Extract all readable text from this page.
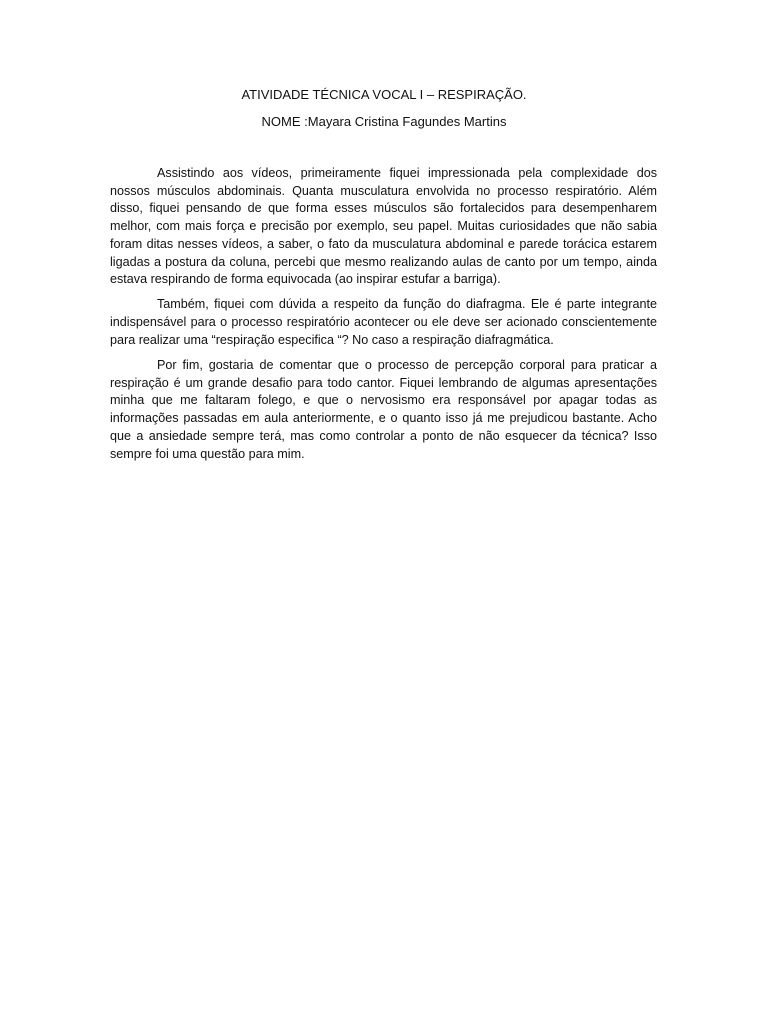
ATIVIDADE TÉCNICA VOCAL I – RESPIRAÇÃO.
NOME :Mayara Cristina Fagundes Martins

Assistindo aos vídeos, primeiramente fiquei impressionada pela complexidade dos nossos músculos abdominais. Quanta musculatura envolvida no processo respiratório. Além disso, fiquei pensando de que forma esses músculos são fortalecidos para desempenharem melhor, com mais força e precisão por exemplo, seu papel. Muitas curiosidades que não sabia foram ditas nesses vídeos, a saber, o fato da musculatura abdominal e parede torácica estarem ligadas a postura da coluna, percebi que mesmo realizando aulas de canto por um tempo, ainda estava respirando de forma equivocada (ao inspirar estufar a barriga).

Também, fiquei com dúvida a respeito da função do diafragma. Ele é parte integrante indispensável para o processo respiratório acontecer ou ele deve ser acionado conscientemente para realizar uma “respiração especifica “? No caso a respiração diafragmática.

Por fim, gostaria de comentar que o processo de percepção corporal para praticar a respiração é um grande desafio para todo cantor. Fiquei lembrando de algumas apresentações minha que me faltaram folego, e que o nervosismo era responsável por apagar todas as informações passadas em aula anteriormente, e o quanto isso já me prejudicou bastante. Acho que a ansiedade sempre terá, mas como controlar a ponto de não esquecer da técnica? Isso sempre foi uma questão para mim.
